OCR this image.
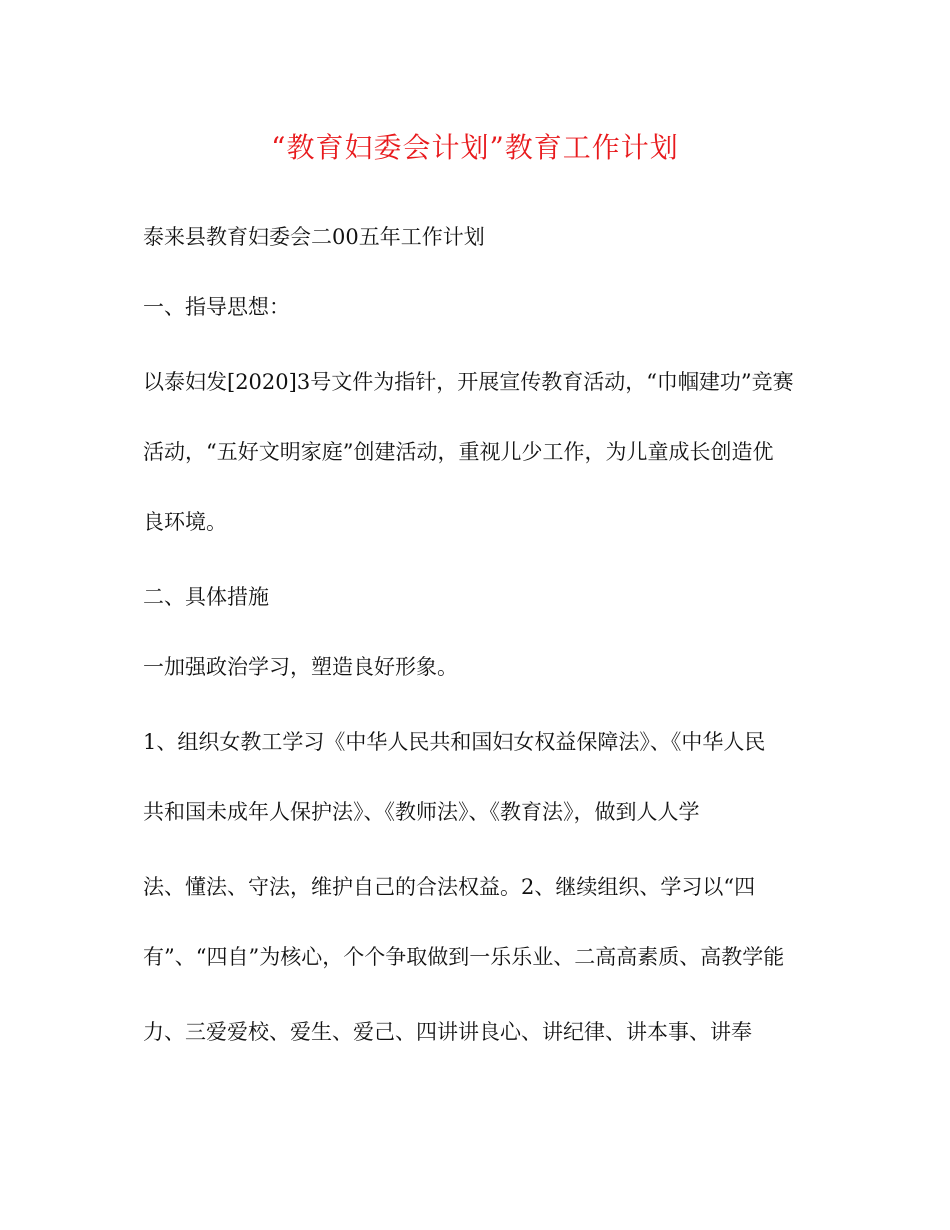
“教育妇委会计划”教育工作计划
泰来县教育妇委会二00五年工作计划
一、指导思想：
以泰妇发[2020]3号文件为指针，开展宣传教育活动，“巾帼建功”竞赛
活动，“五好文明家庭”创建活动，重视儿少工作，为儿童成长创造优
良环境。
二、具体措施
一加强政治学习，塑造良好形象。
1、组织女教工学习《中华人民共和国妇女权益保障法》、《中华人民
共和国未成年人保护法》、《教师法》、《教育法》，做到人人学
法、懂法、守法，维护自己的合法权益。2、继续组织、学习以“四
有”、“四自”为核心，个个争取做到一乐乐业、二高高素质、高教学能
力、三爱爱校、爱生、爱己、四讲讲良心、讲纪律、讲本事、讲奉
